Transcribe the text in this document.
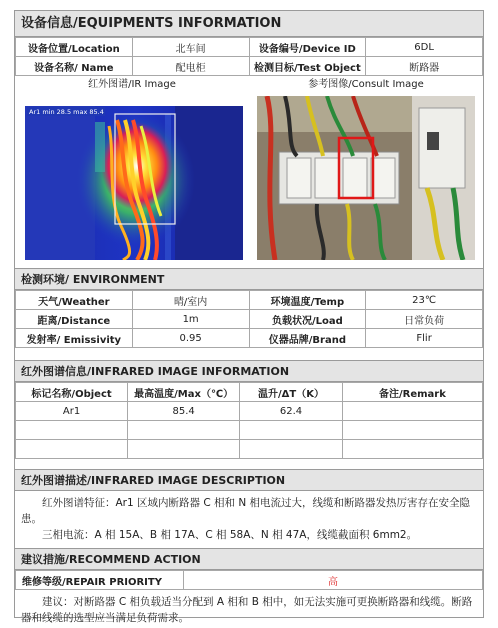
设备信息/EQUIPMENTS INFORMATION
设备位置/Location	北车间	设备编号/Device ID	6DL
设备名称/ Name	配电柜	检测目标/Test Object	断路器
红外图谱/IR Image	参考图像/Consult Image
Ar1 min 28.5 max 85.4
检测环境/ ENVIRONMENT
天气/Weather	晴/室内	环境温度/Temp	23℃
距离/Distance	1m	负载状况/Load	日常负荷
发射率/ Emissivity	0.95	仪器品牌/Brand	Flir
红外图谱信息/INFRARED IMAGE INFORMATION
标记名称/Object	最高温度/Max（℃）	温升/ΔT（K）	备注/Remark
Ar1	85.4	62.4	

红外图谱描述/INFRARED IMAGE DESCRIPTION

红外图谱特征：Ar1 区域内断路器 C 相和 N 相电流过大，线缆和断路器发热厉害存在安全隐患。

三相电流：A 相 15A、B 相 17A、C 相 58A、N 相 47A，线缆截面积 6mm2。

建议措施/RECOMMEND ACTION
维修等级/REPAIR PRIORITY	高

建议：对断路器 C 相负载适当分配到 A 相和 B 相中，如无法实施可更换断路器和线缆。断路器和线缆的选型应当满足负荷需求。
